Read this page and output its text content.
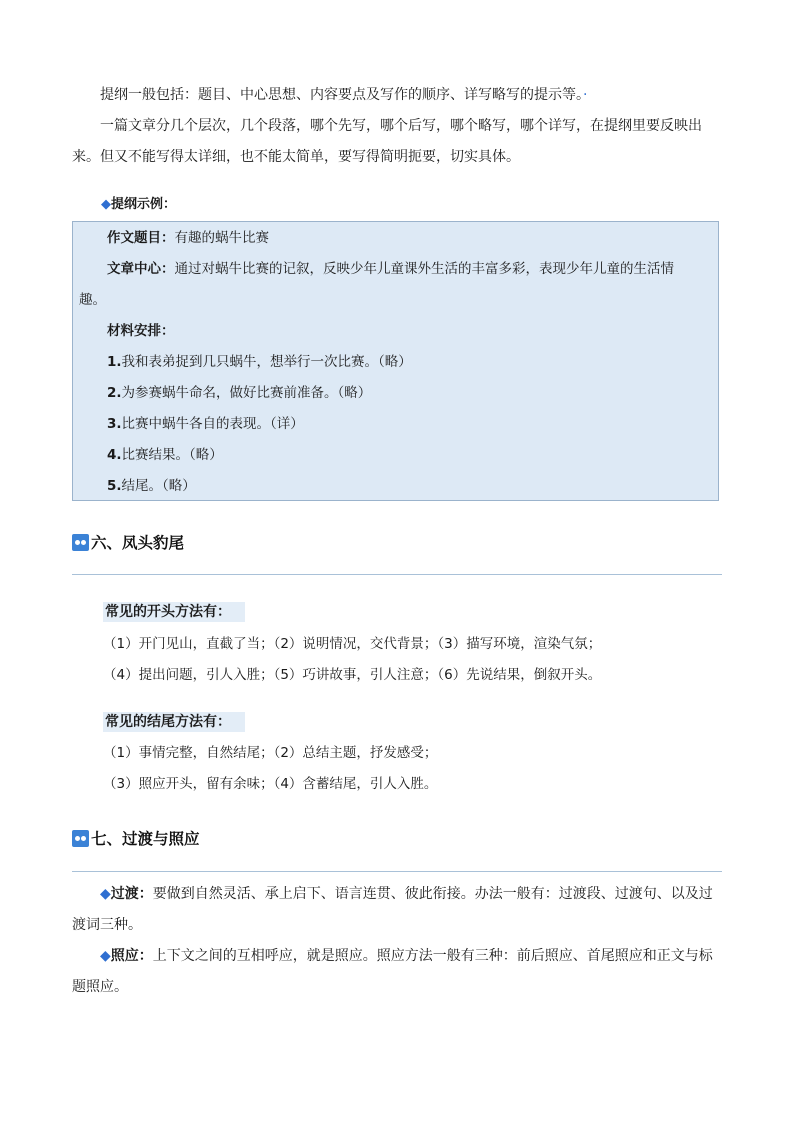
提纲一般包括：题目、中心思想、内容要点及写作的顺序、详写略写的提示等。·

一篇文章分几个层次，几个段落，哪个先写，哪个后写，哪个略写，哪个详写，在提纲里要反映出来。但又不能写得太详细，也不能太简单，要写得简明扼要，切实具体。

◆提纲示例：
作文题目：有趣的蜗牛比赛
文章中心：通过对蜗牛比赛的记叙，反映少年儿童课外生活的丰富多彩，表现少年儿童的生活情
趣。
材料安排：
1.我和表弟捉到几只蜗牛，想举行一次比赛。（略）
2.为参赛蜗牛命名，做好比赛前准备。（略）
3.比赛中蜗牛各自的表现。（详）
4.比赛结果。（略）
5.结尾。（略）
六、凤头豹尾
常见的开头方法有：
（1）开门见山，直截了当；（2）说明情况，交代背景；（3）描写环境，渲染气氛；
（4）提出问题，引人入胜；（5）巧讲故事，引人注意；（6）先说结果，倒叙开头。
常见的结尾方法有：
（1）事情完整，自然结尾；（2）总结主题，抒发感受；
（3）照应开头，留有余味；（4）含蓄结尾，引人入胜。
七、过渡与照应

◆过渡：要做到自然灵活、承上启下、语言连贯、彼此衔接。办法一般有：过渡段、过渡句、以及过渡词三种。

◆照应：上下文之间的互相呼应，就是照应。照应方法一般有三种：前后照应、首尾照应和正文与标题照应。
